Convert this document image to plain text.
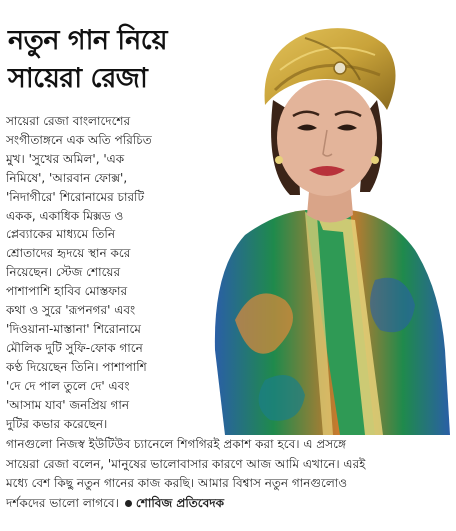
নতুন গান নিয়ে
সায়েরা রেজা
সায়েরা রেজা বাংলাদেশের
সংগীতাঙ্গনে এক অতি পরিচিত
মুখ। 'সুখের অমিল', 'এক
নিমিষে', 'আরবান ফোক্স',
'নিদাগীরে' শিরোনামের চারটি
একক, একাধিক মিক্সড ও
প্লেব্যাকের মাধ্যমে তিনি
শ্রোতাদের হৃদয়ে স্থান করে
নিয়েছেন। স্টেজ শোয়ের
পাশাপাশি হাবিব মোস্তফার
কথা ও সুরে 'রূপনগর' এবং
'দিওয়ানা-মাস্তানা' শিরোনামে
মৌলিক দুটি সুফি-ফোক গানে
কণ্ঠ দিয়েছেন তিনি। পাশাপাশি
'দে দে পাল তুলে দে' এবং
'আসাম যাব' জনপ্রিয় গান
দুটির কভার করেছেন।
গানগুলো নিজস্ব ইউটিউব চ্যানেলে শিগগিরই প্রকাশ করা হবে। এ প্রসঙ্গে
সায়েরা রেজা বলেন, 'মানুষের ভালোবাসার কারণে আজ আমি এখানে। এরই
মধ্যে বেশ কিছু নতুন গানের কাজ করছি। আমার বিশ্বাস নতুন গানগুলোও
দর্শকদের ভালো লাগবে। শোবিজ প্রতিবেদক
